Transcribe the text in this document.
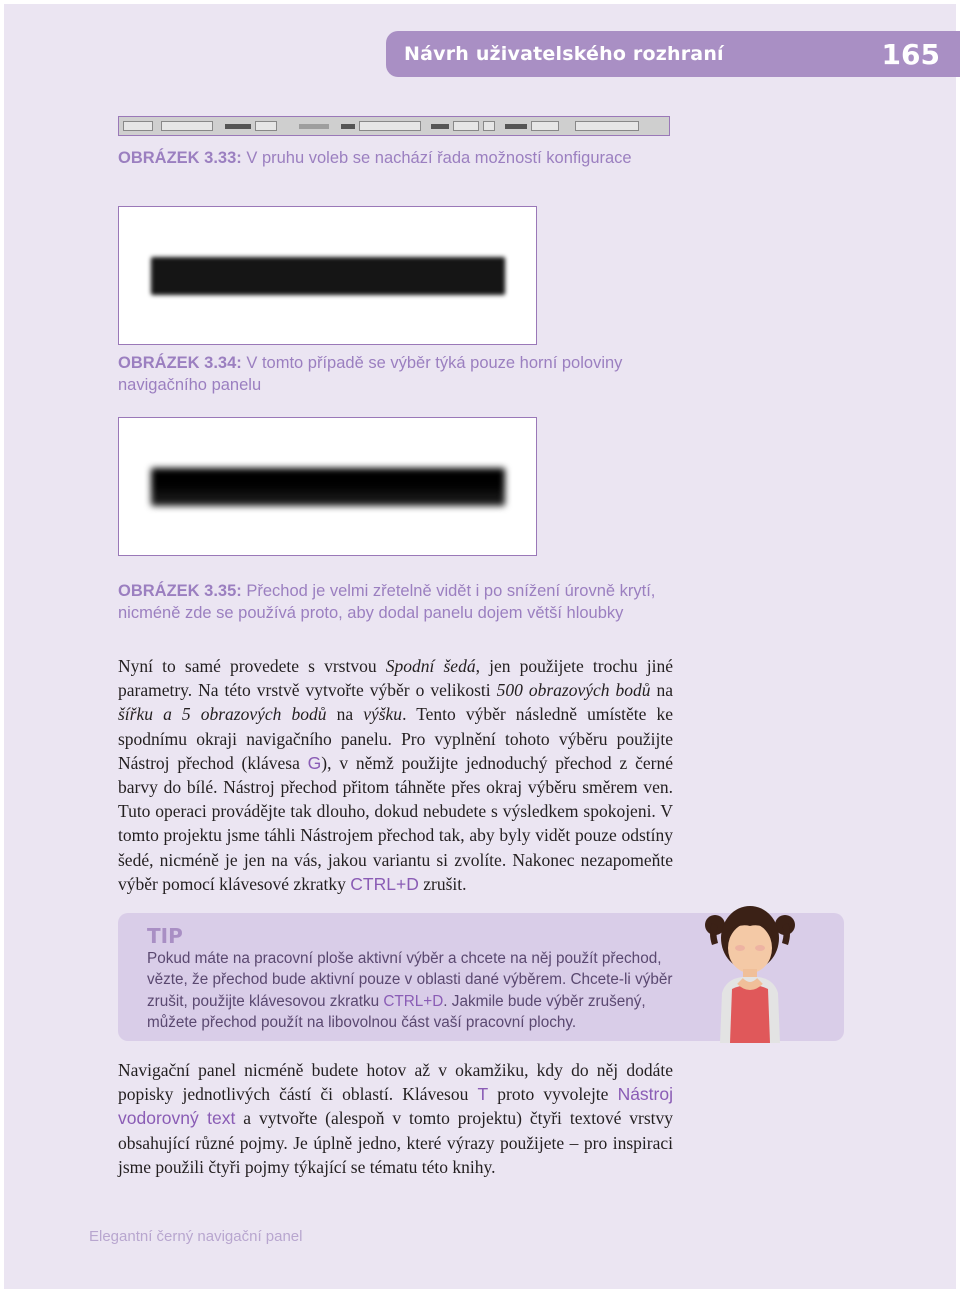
Návrh uživatelského rozhraní	165
OBRÁZEK 3.33: V pruhu voleb se nachází řada možností konfigurace
OBRÁZEK 3.34: V tomto případě se výběr týká pouze horní poloviny navigačního panelu
OBRÁZEK 3.35: Přechod je velmi zřetelně vidět i po snížení úrovně krytí, nicméně zde se používá proto, aby dodal panelu dojem větší hloubky
Nyní to samé provedete s vrstvou Spodní šedá, jen použijete trochu jiné parametry. Na této vrstvě vytvořte výběr o velikosti 500 obrazových bodů na šířku a 5 obrazových bodů na výšku. Tento výběr následně umístěte ke spodnímu okraji navigačního panelu. Pro vyplnění tohoto výběru použijte Nástroj přechod (klávesa G), v němž použijte jednoduchý přechod z černé barvy do bílé. Nástroj přechod přitom táhněte přes okraj výběru směrem ven. Tuto operaci provádějte tak dlouho, dokud nebudete s výsledkem spokojeni. V tomto projektu jsme táhli Nástrojem přechod tak, aby byly vidět pouze odstíny šedé, nicméně je jen na vás, jakou variantu si zvolíte. Nakonec nezapomeňte výběr pomocí klávesové zkratky CTRL+D zrušit.
TIP
Pokud máte na pracovní ploše aktivní výběr a chcete na něj použít přechod, vězte, že přechod bude aktivní pouze v oblasti dané výběrem. Chcete-li výběr zrušit, použijte klávesovou zkratku CTRL+D. Jakmile bude výběr zrušený, můžete přechod použít na libovolnou část vaší pracovní plochy.
Navigační panel nicméně budete hotov až v okamžiku, kdy do něj dodáte popisky jednotlivých částí či oblastí. Klávesou T proto vyvolejte Nástroj vodorovný text a vytvořte (alespoň v tomto projektu) čtyři textové vrstvy obsahující různé pojmy. Je úplně jedno, které výrazy použijete – pro inspiraci jsme použili čtyři pojmy týkající se tématu této knihy.
Elegantní černý navigační panel
